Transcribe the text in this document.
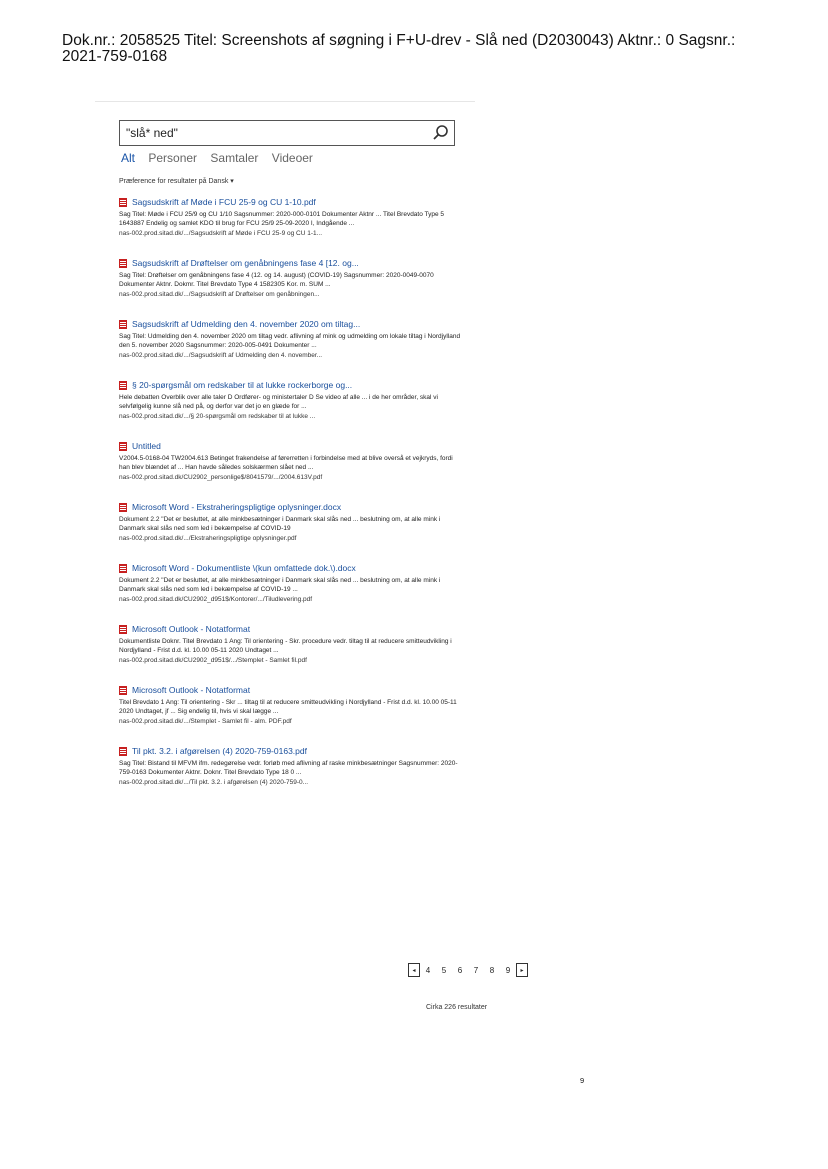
Dok.nr.: 2058525 Titel: Screenshots af søgning i F+U-drev - Slå ned (D2030043) Aktnr.: 0 Sagsnr.:
2021-759-0168
"slå* ned"
Alt Personer Samtaler Videoer
Præference for resultater på Dansk ▾
Sagsudskrift af Møde i FCU 25-9 og CU 1-10.pdf
Sag Titel: Møde i FCU 25/9 og CU 1/10 Sagsnummer: 2020-000-0101 Dokumenter Aktnr ... Titel Brevdato Type 5 1643887 Endelig og samlet KDO til brug for FCU 25/9 25-09-2020 I, Indgående ...
nas-002.prod.sitad.dk/.../Sagsudskrift af Møde i FCU 25-9 og CU 1-1...
Sagsudskrift af Drøftelser om genåbningens fase 4 [12. og...
Sag Titel: Drøftelser om genåbningens fase 4 (12. og 14. august) (COVID-19) Sagsnummer: 2020-0049-0070 Dokumenter Aktnr. Dokmr. Titel Brevdato Type 4 1582305 Kor. m. SUM ...
nas-002.prod.sitad.dk/.../Sagsudskrift af Drøftelser om genåbningen...
Sagsudskrift af Udmelding den 4. november 2020 om tiltag...
Sag Titel: Udmelding den 4. november 2020 om tiltag vedr. aflivning af mink og udmelding om lokale tiltag i Nordjylland den 5. november 2020 Sagsnummer: 2020-005-0491 Dokumenter ...
nas-002.prod.sitad.dk/.../Sagsudskrift af Udmelding den 4. november...
§ 20-spørgsmål om redskaber til at lukke rockerborge og...
Hele debatten Overblik over alle taler D Ordfører- og ministertaler D Se video af alle ... i de her områder, skal vi selvfølgelig kunne slå ned på, og derfor var det jo en glæde for ...
nas-002.prod.sitad.dk/.../§ 20-spørgsmål om redskaber til at lukke ...
Untitled
V2004.5-0168-04 TW2004.613 Betinget frakendelse af førerretten i forbindelse med at blive overså et vejkryds, fordi han blev blændet af ... Han havde således solskærmen slået ned ...
nas-002.prod.sitad.dk/CU2902_personlige$/8041579/.../2004.613V.pdf
Microsoft Word - Ekstraheringspligtige oplysninger.docx
Dokument 2.2 "Det er besluttet, at alle minkbesætninger i Danmark skal slås ned ... beslutning om, at alle mink i Danmark skal slås ned som led i bekæmpelse af COVID-19
nas-002.prod.sitad.dk/.../Ekstraheringspligtige oplysninger.pdf
Microsoft Word - Dokumentliste \(kun omfattede dok.\).docx
Dokument 2.2 "Det er besluttet, at alle minkbesætninger i Danmark skal slås ned ... beslutning om, at alle mink i Danmark skal slås ned som led i bekæmpelse af COVID-19 ...
nas-002.prod.sitad.dk/CU2902_d951$/Kontorer/.../Tiludlevering.pdf
Microsoft Outlook - Notatformat
Dokumentliste Doknr. Titel Brevdato 1 Ang: Til orientering - Skr. procedure vedr. tiltag til at reducere smitteudvikling i Nordjylland - Frist d.d. kl. 10.00 05-11 2020 Undtaget ...
nas-002.prod.sitad.dk/CU2902_d951$/.../Stemplet - Samlet fil.pdf
Microsoft Outlook - Notatformat
Titel Brevdato 1 Ang: Til orientering - Skr ... tiltag til at reducere smitteudvikling i Nordjylland - Frist d.d. kl. 10.00 05-11 2020 Undtaget, jf ... Sig endelig til, hvis vi skal lægge ...
nas-002.prod.sitad.dk/.../Stemplet - Samlet fil - alm. PDF.pdf
Til pkt. 3.2. i afgørelsen (4) 2020-759-0163.pdf
Sag Titel: Bistand til MFVM ifm. redegørelse vedr. forløb med aflivning af raske minkbesætninger Sagsnummer: 2020-759-0163 Dokumenter Aktnr. Doknr. Titel Brevdato Type 18 0 ...
nas-002.prod.sitad.dk/.../Til pkt. 3.2. i afgørelsen (4) 2020-759-0...
◂	4	5	6	7	8	9	▸
Cirka 226 resultater
9
